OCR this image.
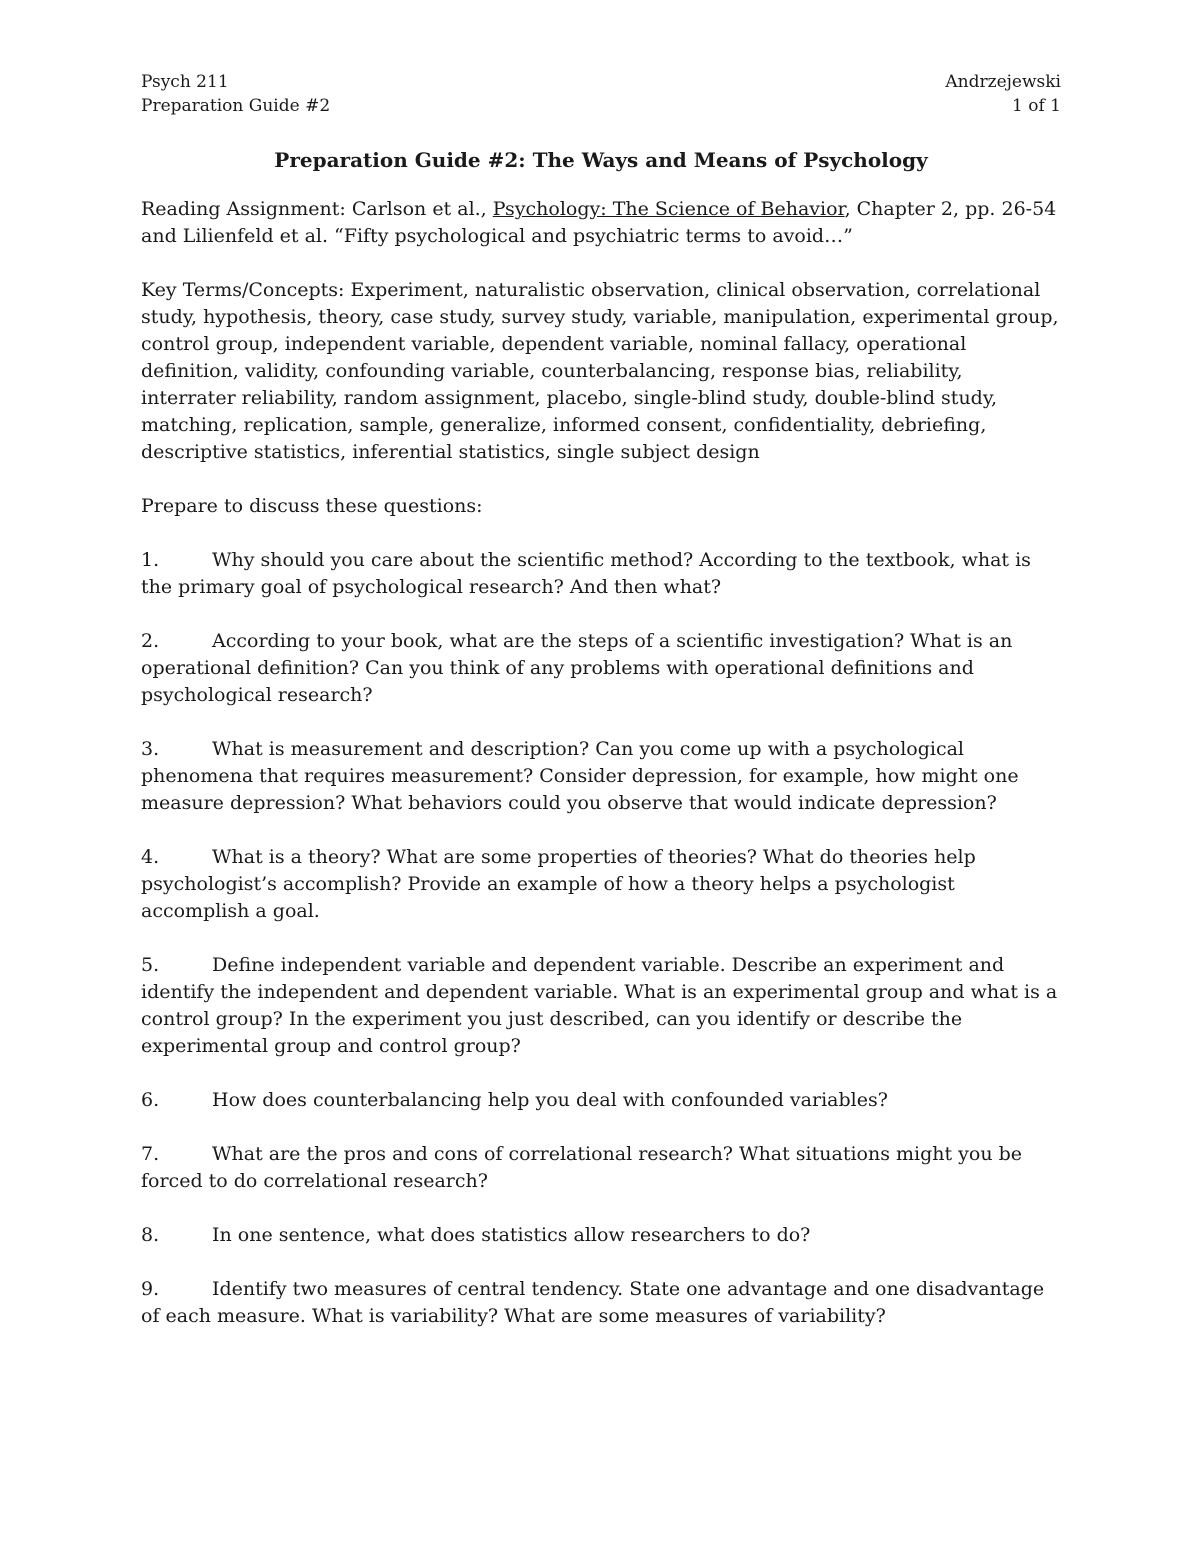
Psych 211
Preparation Guide #2
Andrzejewski
1 of 1
Preparation Guide #2: The Ways and Means of Psychology

Reading Assignment: Carlson et al., Psychology: The Science of Behavior, Chapter 2, pp. 26-54 and Lilienfeld et al. “Fifty psychological and psychiatric terms to avoid…”

Key Terms/Concepts: Experiment, naturalistic observation, clinical observation, correlational study, hypothesis, theory, case study, survey study, variable, manipulation, experimental group, control group, independent variable, dependent variable, nominal fallacy, operational definition, validity, confounding variable, counterbalancing, response bias, reliability, interrater reliability, random assignment, placebo, single-blind study, double-blind study, matching, replication, sample, generalize, informed consent, confidentiality, debriefing, descriptive statistics, inferential statistics, single subject design

Prepare to discuss these questions:

1.	Why should you care about the scientific method? According to the textbook, what is the primary goal of psychological research? And then what?

2.	According to your book, what are the steps of a scientific investigation? What is an operational definition? Can you think of any problems with operational definitions and psychological research?

3.	What is measurement and description? Can you come up with a psychological phenomena that requires measurement? Consider depression, for example, how might one measure depression? What behaviors could you observe that would indicate depression?

4.	What is a theory? What are some properties of theories? What do theories help psychologist’s accomplish? Provide an example of how a theory helps a psychologist accomplish a goal.

5.	Define independent variable and dependent variable. Describe an experiment and identify the independent and dependent variable. What is an experimental group and what is a control group? In the experiment you just described, can you identify or describe the experimental group and control group?

6.	How does counterbalancing help you deal with confounded variables?

7.	What are the pros and cons of correlational research? What situations might you be forced to do correlational research?

8.	In one sentence, what does statistics allow researchers to do?

9.	Identify two measures of central tendency. State one advantage and one disadvantage of each measure. What is variability? What are some measures of variability?
